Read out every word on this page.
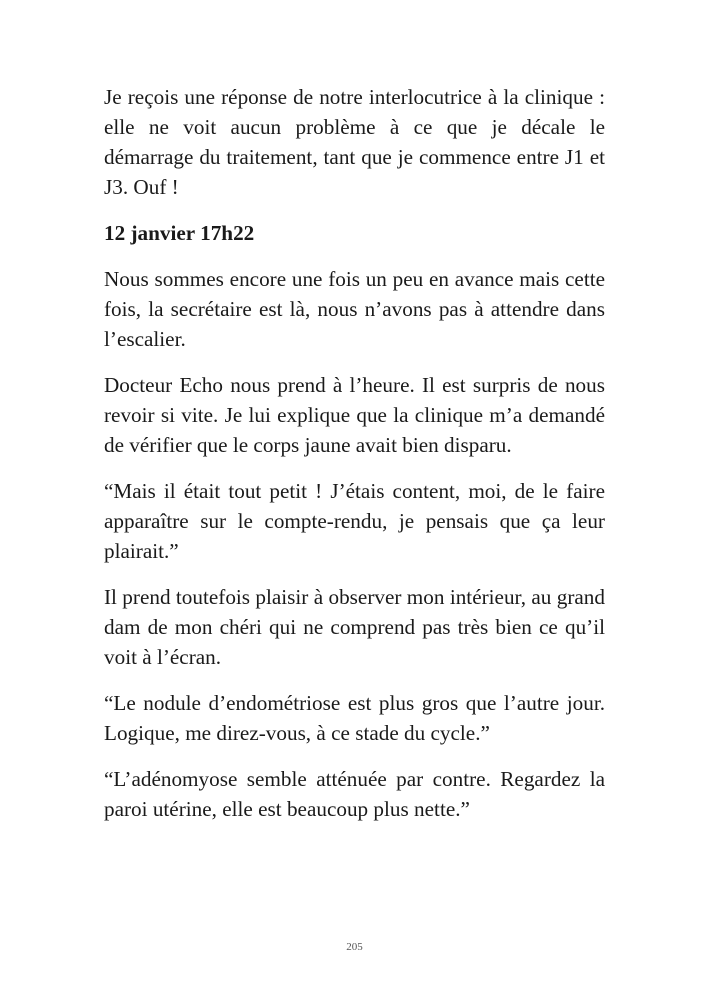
Je reçois une réponse de notre interlocutrice à la clinique : elle ne voit aucun problème à ce que je décale le démarrage du traitement, tant que je commence entre J1 et J3. Ouf !

12 janvier 17h22

Nous sommes encore une fois un peu en avance mais cette fois, la secrétaire est là, nous n’avons pas à attendre dans l’escalier.

Docteur Echo nous prend à l’heure. Il est surpris de nous revoir si vite. Je lui explique que la clinique m’a demandé de vérifier que le corps jaune avait bien disparu.

“Mais il était tout petit ! J’étais content, moi, de le faire apparaître sur le compte-rendu, je pensais que ça leur plairait.”

Il prend toutefois plaisir à observer mon intérieur, au grand dam de mon chéri qui ne comprend pas très bien ce qu’il voit à l’écran.

“Le nodule d’endométriose est plus gros que l’autre jour. Logique, me direz-vous, à ce stade du cycle.”

“L’adénomyose semble atténuée par contre. Regardez la paroi utérine, elle est beaucoup plus nette.”

205
